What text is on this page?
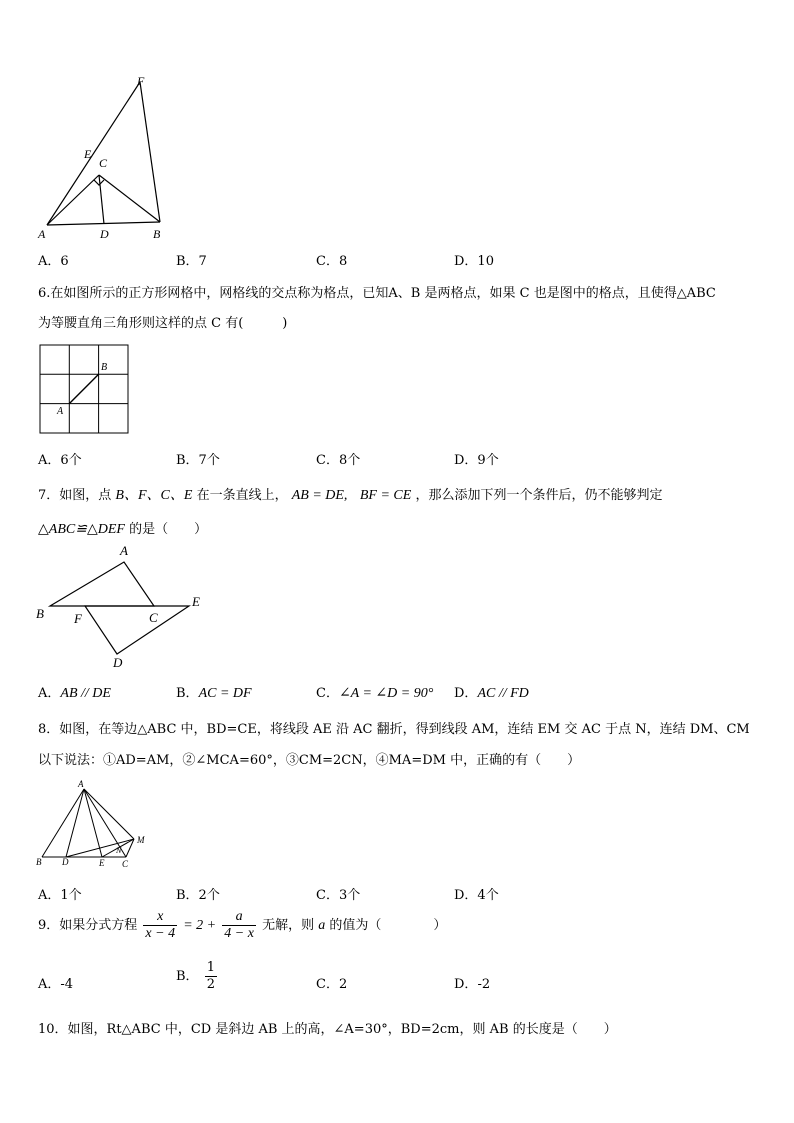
F
E
C
A	D	B
A．6	B．7	C．8	D．10
6.在如图所示的正方形网格中，网格线的交点称为格点，已知A、B 是两格点，如果 C 也是图中的格点，且使得△ABC
为等腰直角三角形则这样的点 C 有(　　　)
A
B
A．6个	B．7个	C．8个	D．9个
7．如图，点 B、F、C、E 在一条直线上， AB = DE, BF = CE ，那么添加下列一个条件后，仍不能够判定
△ABC≌△DEF 的是（　　）
A
B F	C
E
D
A．AB // DE	B．AC = DF	C．∠A = ∠D = 90° D．AC // FD
8．如图，在等边△ABC 中，BD=CE，将线段 AE 沿 AC 翻折，得到线段 AM，连结 EM 交 AC 于点 N，连结 DM、CM
以下说法：①AD=AM，②∠MCA=60°，③CM=2CN，④MA=DM 中，正确的有（　　）
A
B D	E
N
C
M
A．1个	B．2个	C．3个	D．4个
9．如果分式方程 $\frac{x}{x - 4} = 2 + \frac{a}{4 - x}$ 无解，则 a 的值为（　　　　）
A．-4
B． $\frac{1}{2}$	C．2	D．-2
10．如图，Rt△ABC 中，CD 是斜边 AB 上的高，∠A=30°，BD=2cm，则 AB 的长度是（　　）
